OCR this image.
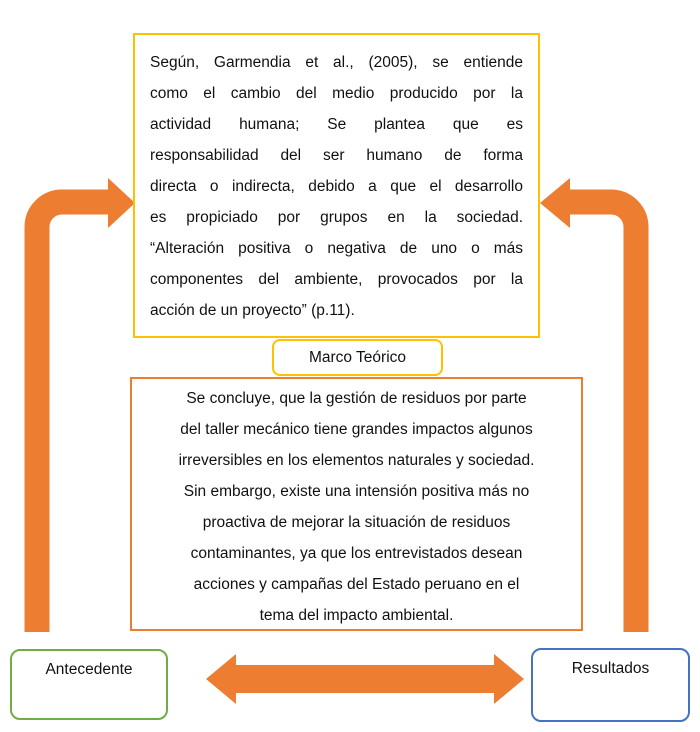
Según, Garmendia et al., (2005), se entiende
como el cambio del medio producido por la
actividad humana; Se plantea que es
responsabilidad del ser humano de forma
directa o indirecta, debido a que el desarrollo
es propiciado por grupos en la sociedad.
“Alteración positiva o negativa de uno o más
componentes del ambiente, provocados por la
acción de un proyecto” (p.11).
Marco Teórico
Se concluye, que la gestión de residuos por parte
del taller mecánico tiene grandes impactos algunos
irreversibles en los elementos naturales y sociedad.
Sin embargo, existe una intensión positiva más no
proactiva de mejorar la situación de residuos
contaminantes, ya que los entrevistados desean
acciones y campañas del Estado peruano en el
tema del impacto ambiental.
Antecedente	Resultados
